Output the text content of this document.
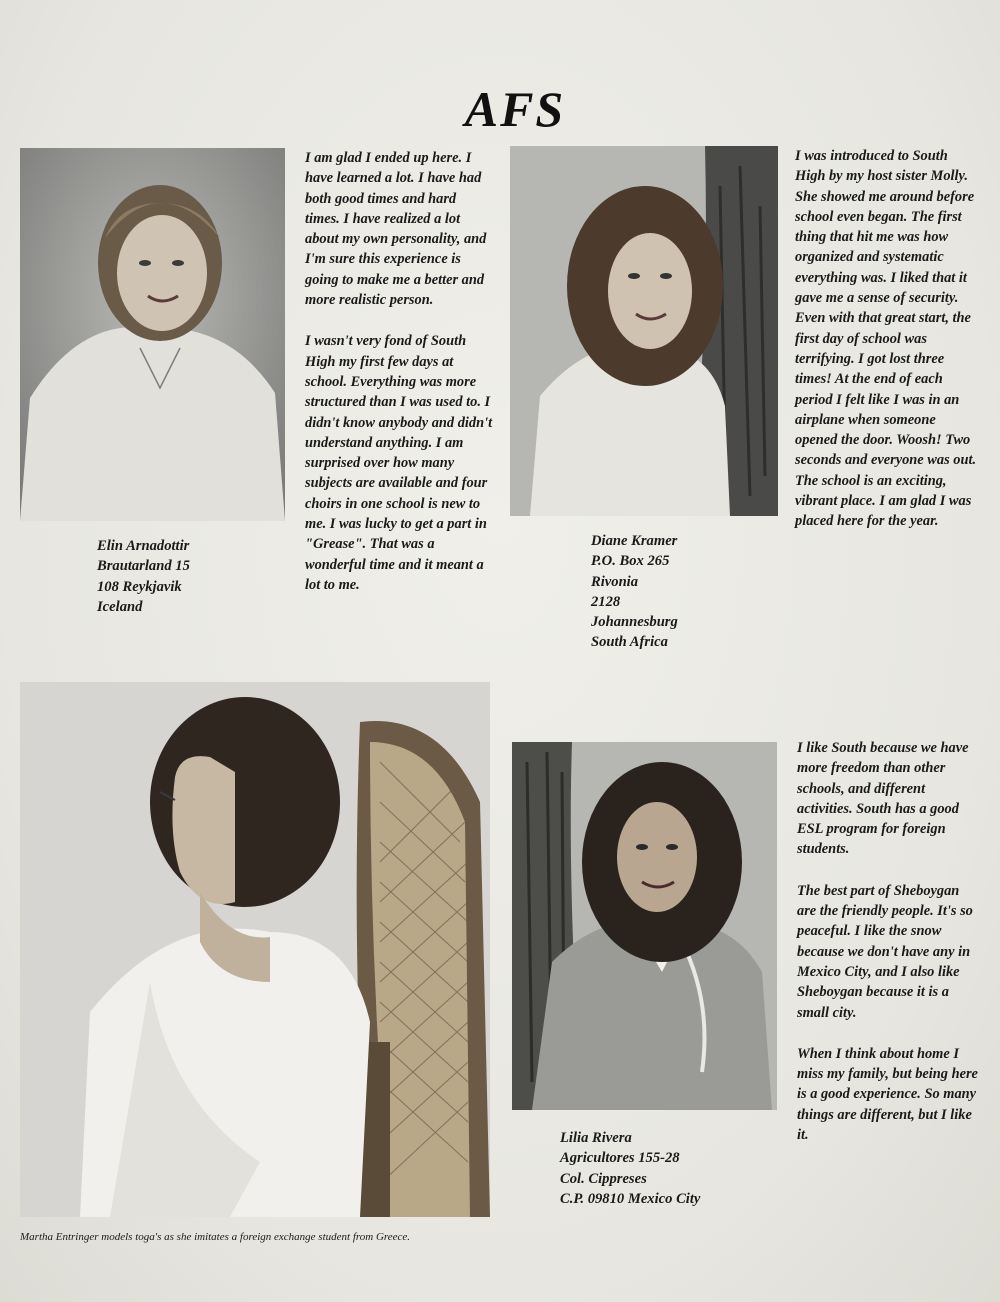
AFS
Elin Arnadottir
Brautarland 15
108 Reykjavik
Iceland

I am glad I ended up here. I have learned a lot. I have had both good times and hard times. I have realized a lot about my own personality, and I'm sure this experience is going to make me a better and more realistic person.

I wasn't very fond of South High my first few days at school. Everything was more structured than I was used to. I didn't know anybody and didn't understand anything. I am surprised over how many subjects are available and four choirs in one school is new to me. I was lucky to get a part in "Grease". That was a wonderful time and it meant a lot to me.

Diane Kramer
P.O. Box 265
Rivonia
2128
Johannesburg
South Africa

I was introduced to South High by my host sister Molly. She showed me around before school even began. The first thing that hit me was how organized and systematic everything was. I liked that it gave me a sense of security. Even with that great start, the first day of school was terrifying. I got lost three times! At the end of each period I felt like I was in an airplane when someone opened the door. Woosh! Two seconds and everyone was out. The school is an exciting, vibrant place. I am glad I was placed here for the year.

I like South because we have more freedom than other schools, and different activities. South has a good ESL program for foreign students.

The best part of Sheboygan are the friendly people. It's so peaceful. I like the snow because we don't have any in Mexico City, and I also like Sheboygan because it is a small city.

When I think about home I miss my family, but being here is a good experience. So many things are different, but I like it.

Lilia Rivera
Agricultores 155-28
Col. Cippreses
C.P. 09810 Mexico City
Martha Entringer models toga's as she imitates a foreign exchange student from Greece.
